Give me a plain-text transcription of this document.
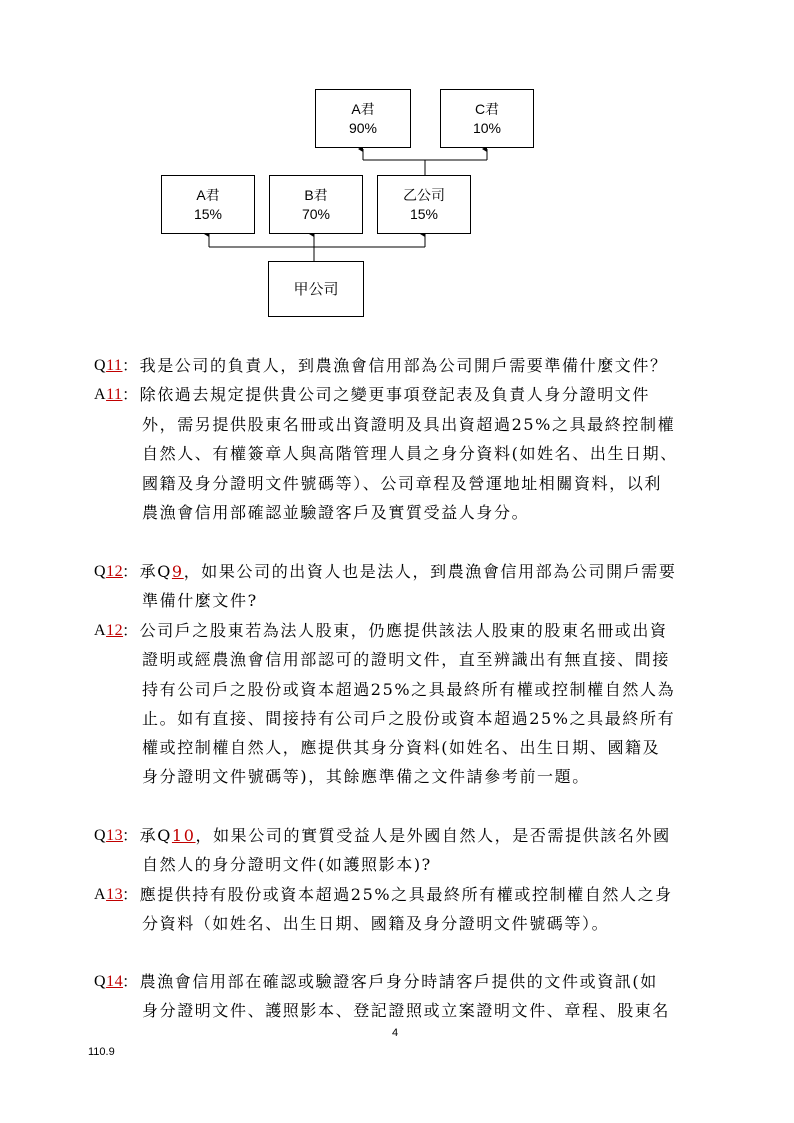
A君
90%
C君
10%
A君
15%
B君
70%
乙公司
15%
甲公司
Q11 ：我是公司的負責人，到農漁會信用部為公司開戶需要準備什麼文件？
A11 ：除依過去規定提供貴公司之變更事項登記表及負責人身分證明文件
外，需另提供股東名冊或出資證明及具出資超過25%之具最終控制權
自然人、有權簽章人與高階管理人員之身分資料(如姓名、出生日期、
國籍及身分證明文件號碼等）、公司章程及營運地址相關資料，以利
農漁會信用部確認並驗證客戶及實質受益人身分。
Q12
：承Q9，如果公司的出資人也是法人，到農漁會信用部為公司開戶需要
準備什麼文件?
A12
：公司戶之股東若為法人股東，仍應提供該法人股東的股東名冊或出資
證明或經農漁會信用部認可的證明文件，直至辨識出有無直接、間接
持有公司戶之股份或資本超過25%之具最終所有權或控制權自然人為
止。如有直接、間接持有公司戶之股份或資本超過25%之具最終所有
權或控制權自然人，應提供其身分資料(如姓名、出生日期、國籍及
身分證明文件號碼等)，其餘應準備之文件請參考前一題。
Q13
：承Q10，如果公司的實質受益人是外國自然人，是否需提供該名外國
自然人的身分證明文件(如護照影本)?
A13
：應提供持有股份或資本超過25%之具最終所有權或控制權自然人之身
分資料（如姓名、出生日期、國籍及身分證明文件號碼等）。
Q14
：農漁會信用部在確認或驗證客戶身分時請客戶提供的文件或資訊(如
身分證明文件、護照影本、登記證照或立案證明文件、章程、股東名
4
110.9
